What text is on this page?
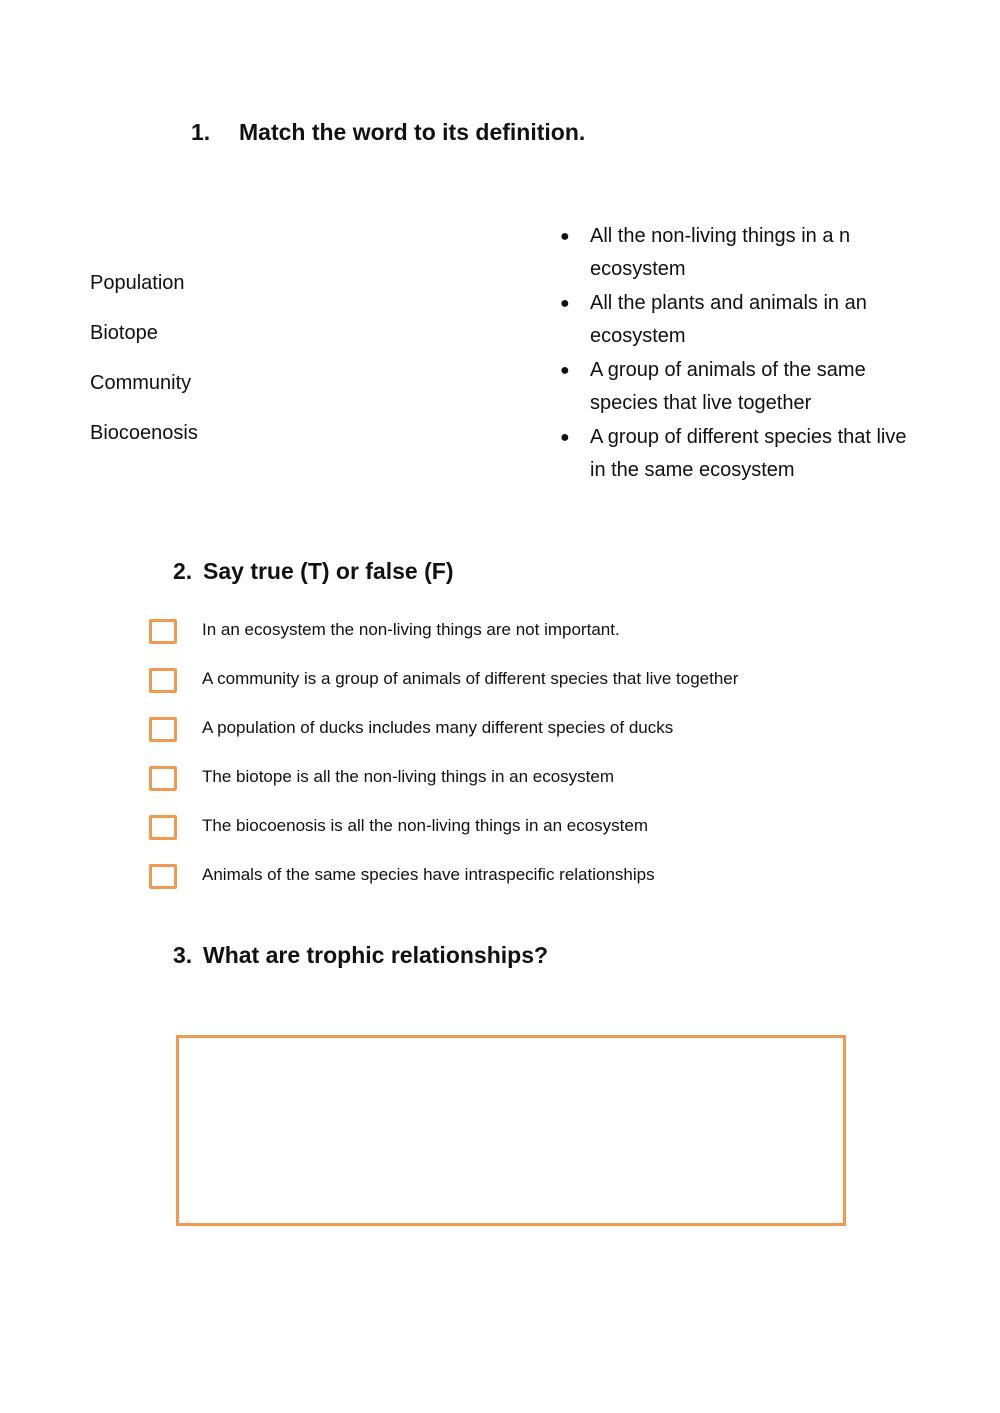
1. Match the word to its definition.
Population
Biotope
Community
Biocoenosis
● All the non-living things in a n ecosystem
● All the plants and animals in an ecosystem
● A group of animals of the same species that live together
● A group of different species that live in the same ecosystem
2. Say true (T) or false (F)
In an ecosystem the non-living things are not important.
A community is a group of animals of different species that live together
A population of ducks includes many different species of ducks
The biotope is all the non-living things in an ecosystem
The biocoenosis is all the non-living things in an ecosystem
Animals of the same species have intraspecific relationships
3. What are trophic relationships?
